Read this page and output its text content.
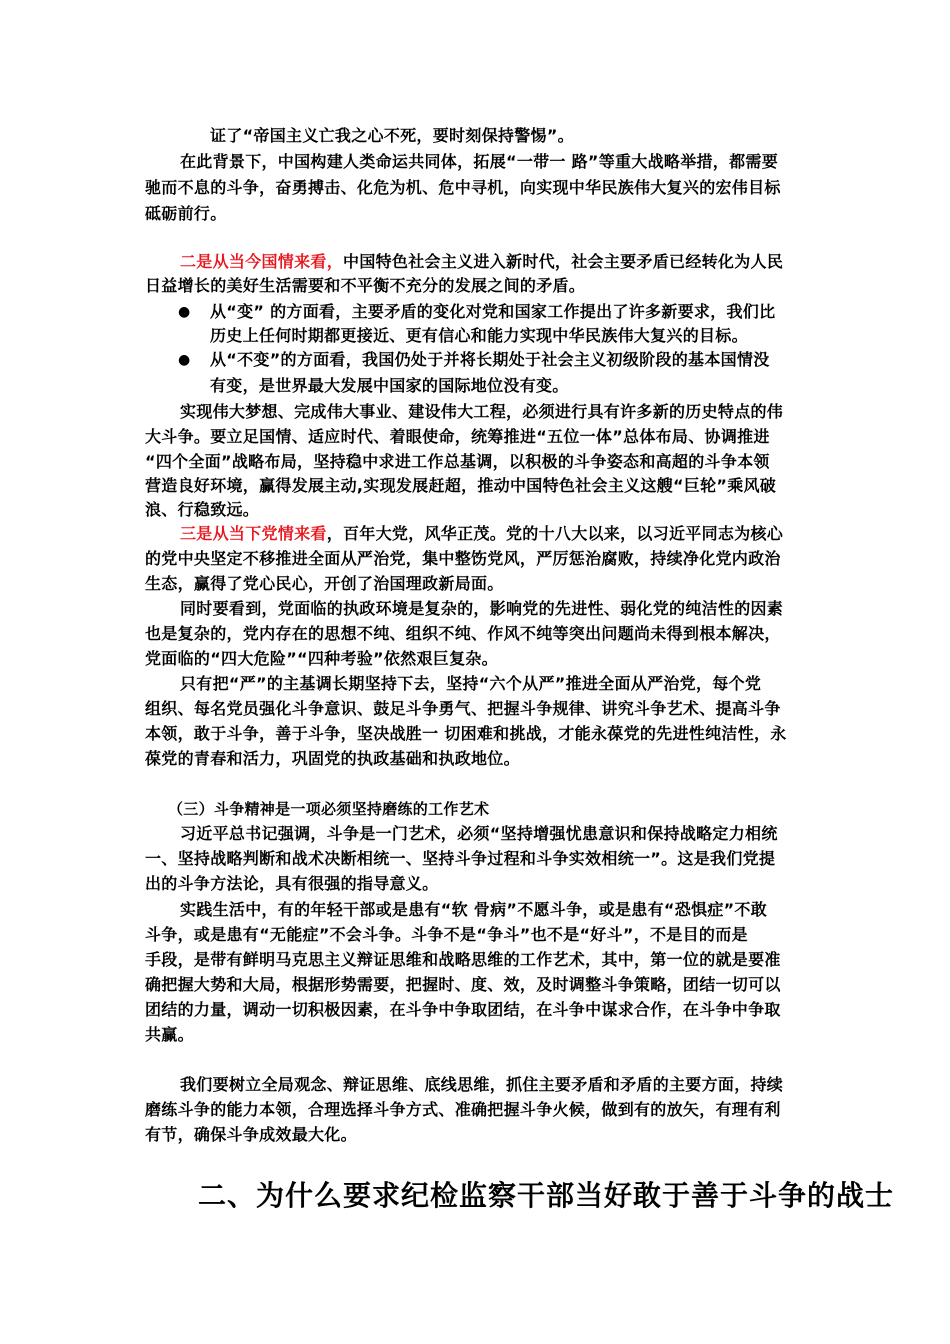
证了“帝国主义亡我之心不死，要时刻保持警惕”。
在此背景下，中国构建人类命运共同体，拓展“一带一 路”等重大战略举措，都需要
驰而不息的斗争，奋勇搏击、化危为机、危中寻机，向实现中华民族伟大复兴的宏伟目标
砥砺前行。
二是从当今国情来看，中国特色社会主义进入新时代，社会主要矛盾已经转化为人民
日益增长的美好生活需要和不平衡不充分的发展之间的矛盾。
● 从“变” 的方面看，主要矛盾的变化对党和国家工作提出了许多新要求，我们比
历史上任何时期都更接近、更有信心和能力实现中华民族伟大复兴的目标。
● 从“不变”的方面看，我国仍处于并将长期处于社会主义初级阶段的基本国情没
有变，是世界最大发展中国家的国际地位没有变。
实现伟大梦想、完成伟大事业、建设伟大工程，必须进行具有许多新的历史特点的伟
大斗争。要立足国情、适应时代、着眼使命，统筹推进“五位一体”总体布局、协调推进
“四个全面”战略布局，坚持稳中求进工作总基调，以积极的斗争姿态和高超的斗争本领
营造良好环境，赢得发展主动,实现发展赶超，推动中国特色社会主义这艘“巨轮”乘风破
浪、行稳致远。
三是从当下党情来看，百年大党，风华正茂。党的十八大以来，以习近平同志为核心
的党中央坚定不移推进全面从严治党，集中整饬党风，严厉惩治腐败，持续净化党内政治
生态，赢得了党心民心，开创了治国理政新局面。
同时要看到，党面临的执政环境是复杂的，影响党的先进性、弱化党的纯洁性的因素
也是复杂的，党内存在的思想不纯、组织不纯、作风不纯等突出问题尚未得到根本解决，
党面临的“四大危险”“四种考验”依然艰巨复杂。
只有把“严”的主基调长期坚持下去，坚持“六个从严”推进全面从严治党，每个党
组织、每名党员强化斗争意识、鼓足斗争勇气、把握斗争规律、讲究斗争艺术、提高斗争
本领，敢于斗争，善于斗争，坚决战胜一 切困难和挑战，才能永葆党的先进性纯洁性，永
葆党的青春和活力，巩固党的执政基础和执政地位。
（三）斗争精神是一项必须坚持磨练的工作艺术
习近平总书记强调，斗争是一门艺术，必须“坚持增强忧患意识和保持战略定力相统
一、坚持战略判断和战术决断相统一、坚持斗争过程和斗争实效相统一”。这是我们党提
出的斗争方法论，具有很强的指导意义。
实践生活中，有的年轻干部或是患有“软 骨病”不愿斗争，或是患有“恐惧症”不敢
斗争，或是患有“无能症”不会斗争。斗争不是“争斗”也不是“好斗”，不是目的而是
手段，是带有鲜明马克思主义辩证思维和战略思维的工作艺术，其中，第一位的就是要准
确把握大势和大局，根据形势需要，把握时、度、效，及时调整斗争策略，团结一切可以
团结的力量，调动一切积极因素，在斗争中争取团结，在斗争中谋求合作，在斗争中争取
共赢。
我们要树立全局观念、辩证思维、底线思维，抓住主要矛盾和矛盾的主要方面，持续
磨练斗争的能力本领，合理选择斗争方式、准确把握斗争火候，做到有的放矢，有理有利
有节，确保斗争成效最大化。
二、为什么要求纪检监察干部当好敢于善于斗争的战士
